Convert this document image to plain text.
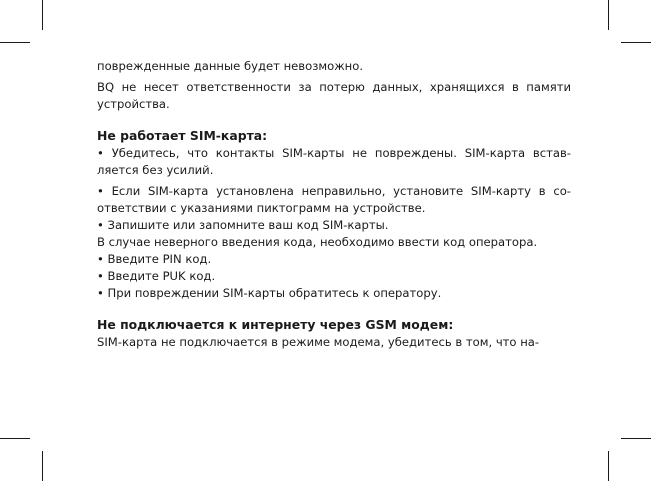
поврежденные данные будет невозможно.

BQ не несет ответственности за потерю данных, хранящихся в памяти устройства.

Не работает SIM-карта:

• Убедитесь, что контакты SIM-карты не повреждены. SIM-карта встав-ляется без усилий.

• Если SIM-карта установлена неправильно, установите SIM-карту в со-ответствии с указаниями пиктограмм на устройстве.

• Запишите или запомните ваш код SIM-карты.

В случае неверного введения кода, необходимо ввести код оператора.

• Введите PIN код.

• Введите PUK код.

• При повреждении SIM-карты обратитесь к оператору.

Не подключается к интернету через GSM модем:

SIM-карта не подключается в режиме модема, убедитесь в том, что на-
